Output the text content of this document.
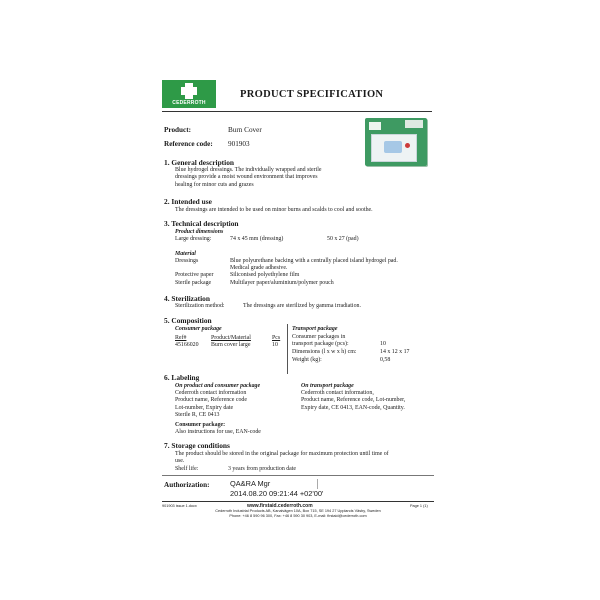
CEDERROTH
PRODUCT SPECIFICATION
Product:	Burn Cover
Reference code: 901903
1. General description
Blue hydrogel dressings. The individually wrapped and sterile
dressings provide a moist wound environment that improves
healing for minor cuts and grazes
2. Intended use
The dressings are intended to be used on minor burns and scalds to cool and soothe.
3. Technical description
Product dimensions
Large dressing:	74 x 45 mm (dressing)	50 x 27 (pad)
Material
Dressings	Blue polyurethane backing with a centrally placed island hydrogel pad.
Medical grade adhesive.
Protective paper	Siliconised polyethylene film
Sterile package	Multilayer paper/aluminium/polymer pouch
4. Sterilization
Sterilization method:	The dressings are sterilized by gamma irradiation.
5. Composition
Consumer package
Ref#	Product/Material	Pcs
45166020 Burn cover large	10
Transport package
Consumer packages in
transport package (pcs):	10
Dimensions (l x w x h) cm:	14 x 12 x 17
Weight (kg):	0,58
6. Labeling
On product and consumer package
Cederroth contact information
Product name, Reference code
Lot-number, Expiry date
Sterile R, CE 0413
Consumer package:
Also instructions for use, EAN-code
On transport package
Cederroth contact information,
Product name, Reference code, Lot-number,
Expiry date, CE 0413, EAN-code, Quantity.
7. Storage conditions
The product should be stored in the original package for maximum protection until time of
use.
Shelf life:	3 years from production date
Authorization:	QA&RA Mgr
2014.08.20 09:21:44 +02'00'
901903 issue 1.docx	www.firstaid.cederroth.com	Page 1 (1)
Cederroth Industrial Products AB, Kanalvägen 10A, Box 715, SE 194 27 Upplands Väsby, Sweden
Phone: +46 8 590 96 300, Fax: +46 8 590 30 903, E-mail: firstaid@cederroth.com
